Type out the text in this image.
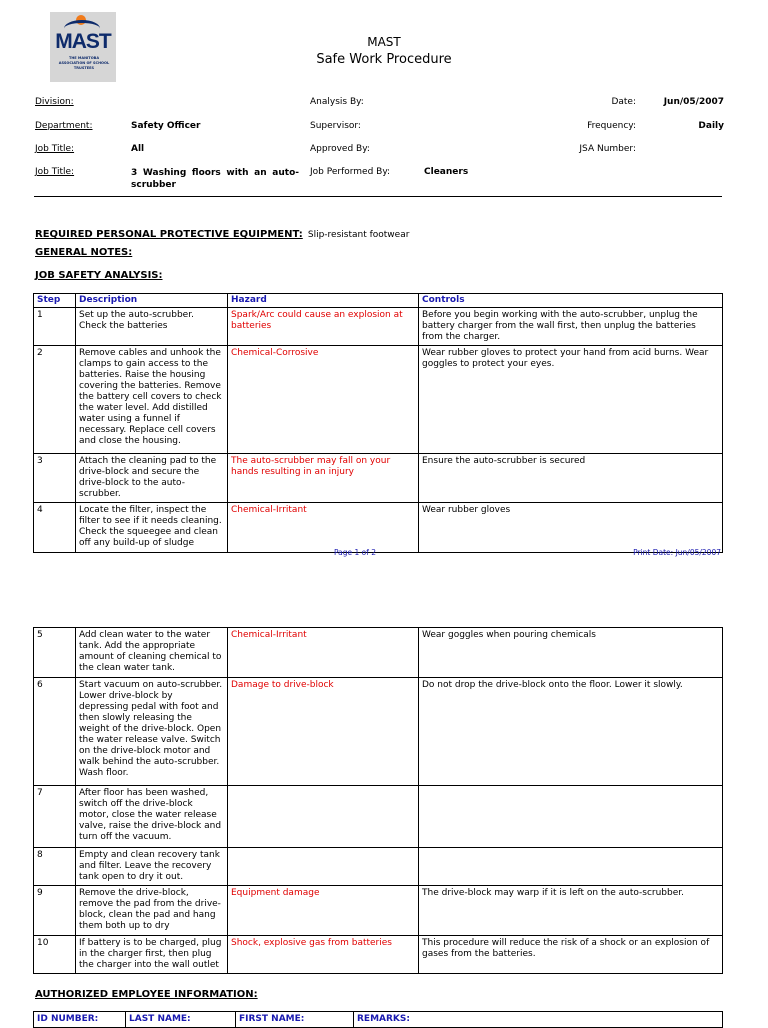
MAST
THE MANITOBA ASSOCIATION OF SCHOOL TRUSTEES
MAST
Safe Work Procedure
Division:
Department:	Safety Officer
Job Title:	All
Job Title:	3 Washing floors with an auto-scrubber
Analysis By:
Supervisor:
Approved By:
Job Performed By:	Cleaners
Date:	Jun/05/2007
Frequency:	Daily
JSA Number:
REQUIRED PERSONAL PROTECTIVE EQUIPMENT: Slip-resistant footwear
GENERAL NOTES:
JOB SAFETY ANALYSIS:
Step	Description	Hazard	Controls
1	Set up the auto-scrubber. Check the batteries	Spark/Arc could cause an explosion at batteries	Before you begin working with the auto-scrubber, unplug the battery charger from the wall first, then unplug the batteries from the charger.
2	Remove cables and unhook the clamps to gain access to the batteries. Raise the housing covering the batteries. Remove the battery cell covers to check the water level. Add distilled water using a funnel if necessary. Replace cell covers and close the housing.	Chemical-Corrosive	Wear rubber gloves to protect your hand from acid burns. Wear goggles to protect your eyes.
3	Attach the cleaning pad to the drive-block and secure the drive-block to the auto-scrubber.	The auto-scrubber may fall on your hands resulting in an injury	Ensure the auto-scrubber is secured
4	Locate the filter, inspect the filter to see if it needs cleaning. Check the squeegee and clean off any build-up of sludge	Chemical-Irritant	Wear rubber gloves
Page 1 of 2	Print Date: Jun/05/2007
5	Add clean water to the water tank. Add the appropriate amount of cleaning chemical to the clean water tank.	Chemical-Irritant	Wear goggles when pouring chemicals
6	Start vacuum on auto-scrubber. Lower drive-block by depressing pedal with foot and then slowly releasing the weight of the drive-block. Open the water release valve. Switch on the drive-block motor and walk behind the auto-scrubber. Wash floor.	Damage to drive-block	Do not drop the drive-block onto the floor. Lower it slowly.
7	After floor has been washed, switch off the drive-block motor, close the water release valve, raise the drive-block and turn off the vacuum.		
8	Empty and clean recovery tank and filter. Leave the recovery tank open to dry it out.		
9	Remove the drive-block, remove the pad from the drive-block, clean the pad and hang them both up to dry	Equipment damage	The drive-block may warp if it is left on the auto-scrubber.
10	If battery is to be charged, plug in the charger first, then plug the charger into the wall outlet	Shock, explosive gas from batteries	This procedure will reduce the risk of a shock or an explosion of gases from the batteries.
AUTHORIZED EMPLOYEE INFORMATION:
ID NUMBER:	LAST NAME:	FIRST NAME:	REMARKS:
